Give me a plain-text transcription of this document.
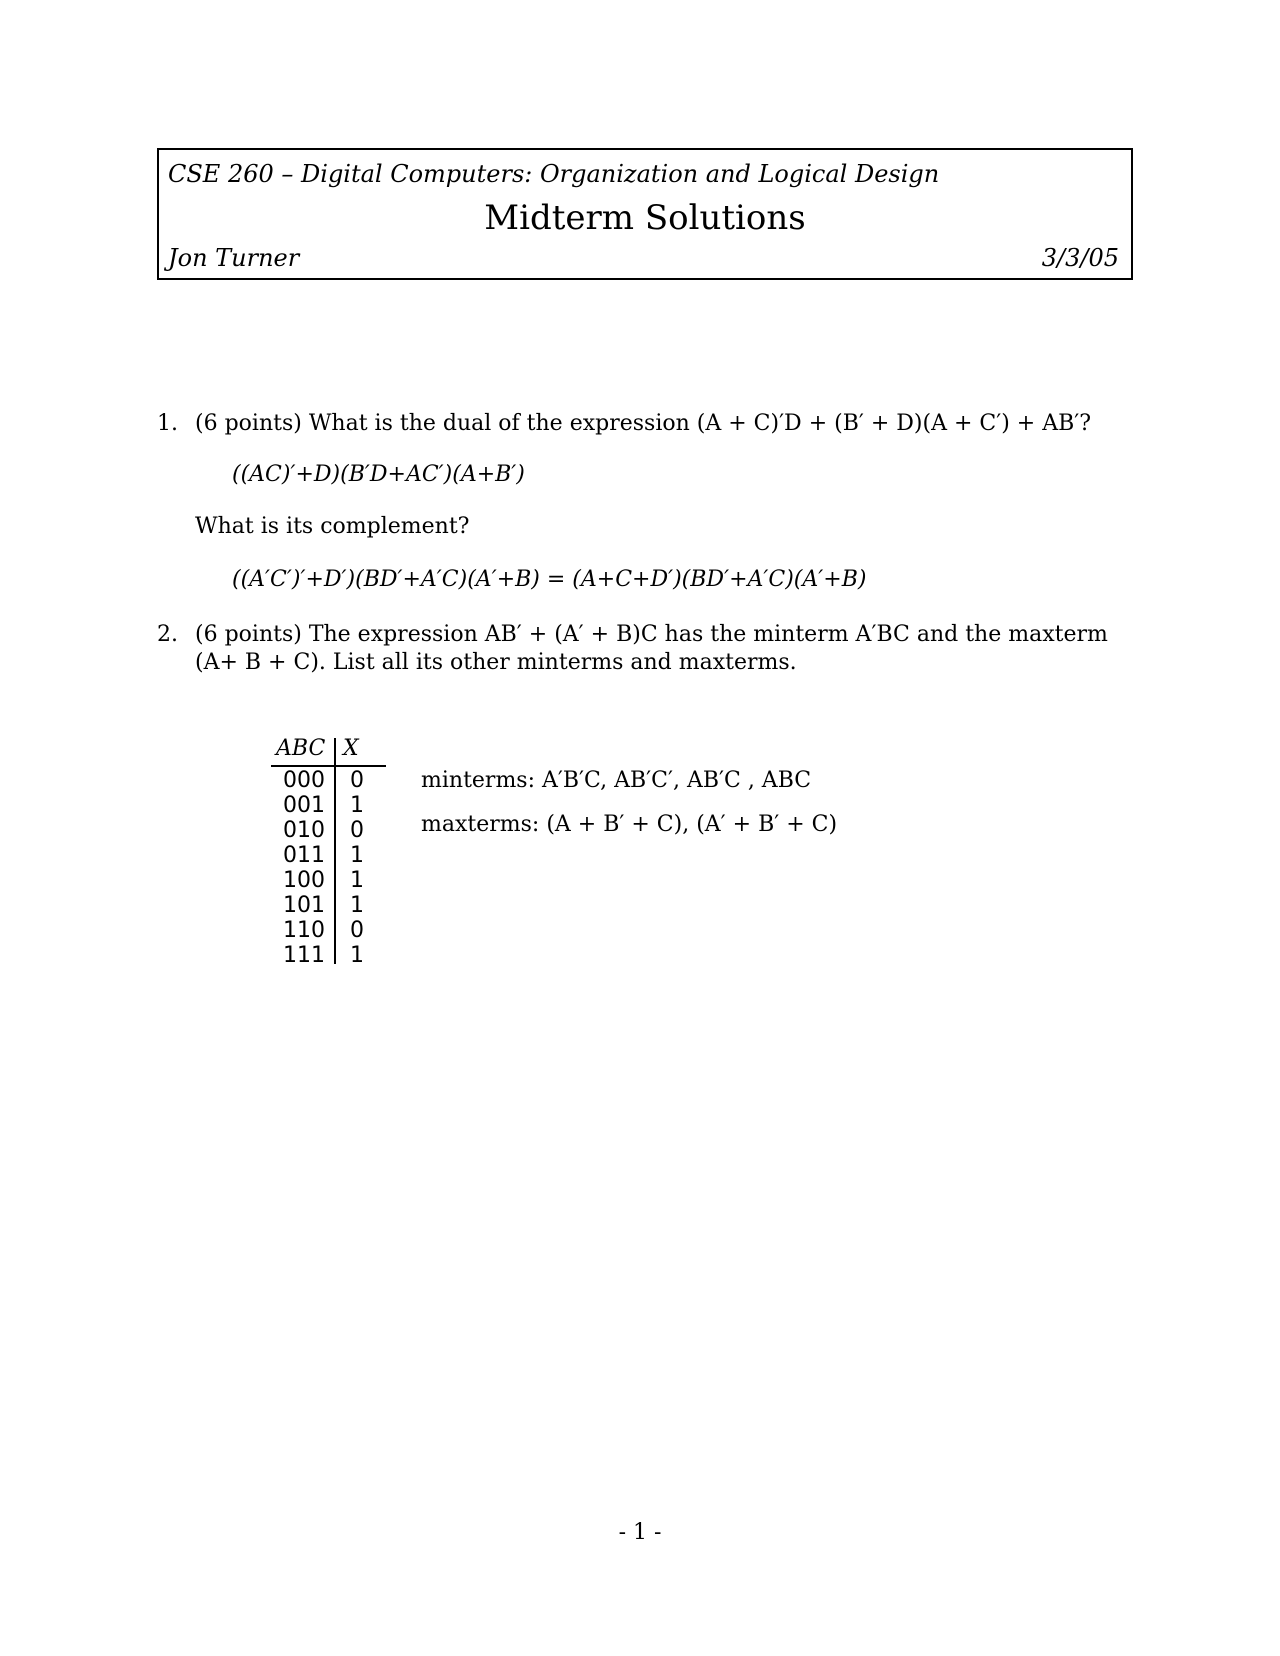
CSE 260 – Digital Computers: Organization and Logical Design
Midterm Solutions
Jon Turner	3/3/05
1. (6 points) What is the dual of the expression (A + C)′D + (B′ + D)(A + C′) + AB′?
((AC)′+D)(B′D+AC′)(A+B′)
What is its complement?
((A′C′)′+D′)(BD′+A′C)(A′+B) = (A+C+D′)(BD′+A′C)(A′+B)
2. (6 points) The expression AB′ + (A′ + B)C has the minterm A′BC and the maxterm
(A+ B + C). List all its other minterms and maxterms.
ABC X
000 0
001 1
010 0
011 1
100 1
101 1
110 0
111 1
minterms: A′B′C, AB′C′, AB′C , ABC
maxterms: (A + B′ + C), (A′ + B′ + C)
- 1 -
